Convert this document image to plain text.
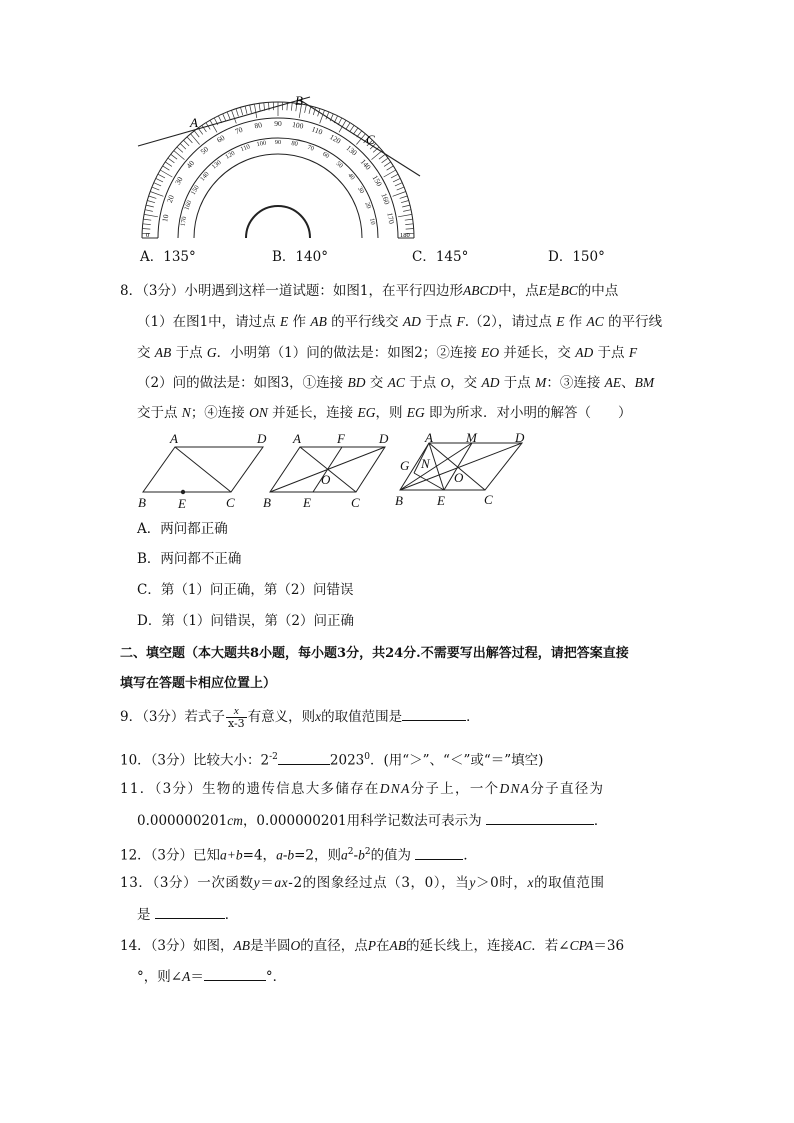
10
20
30
40
50
60
70 80 90 100 110
120
130
140
150
160
170
170
160
150
140
130
120
110 100 90 80 70
60
50
40
30
20
10
A
B
C
0	180
A．135°	B．140°	C．145°	D．150°
8．（3分）小明遇到这样一道试题：如图1，在平行四边形ABCD中，点E是BC的中点
（1）在图1中，请过点 E 作 AB 的平行线交 AD 于点 F.（2），请过点 E 作 AC 的平行线
交 AB 于点 G．小明第（1）问的做法是：如图2；②连接 EO 并延长，交 AD 于点 F
（2）问的做法是：如图3，①连接 BD 交 AC 于点 O，交 AD 于点 M：③连接 AE、BM
交于点 N；④连接 ON 并延长，连接 EG，则 EG 即为所求．对小明的解答（　　）
A	D
B E	C
A	F	D
O
B E	C
A	M	D
G N
O
B	E	C
A．两问都正确
B．两问都不正确
C．第（1）问正确，第（2）问错误
D．第（1）问错误，第（2）问正确
二、填空题（本大题共8小题，每小题3分，共24分.不需要写出解答过程，请把答案直接
填写在答题卡相应位置上）
9．（3分）若式子 $\frac{x}{x-3}$ 有意义，则x的取值范围是	．
10．（3分）比较大小：$2^{-2}$	2023$^0$．(用“＞”、“＜”或“＝”填空)
11．（3分）生物的遗传信息大多储存在DNA分子上，一个DNA分子直径为
0.000000201cm，0.000000201用科学记数法可表示为	．
12．（3分）已知a+b=4，a-b=2，则$a^2-b^2$的值为	．
13．（3分）一次函数y＝ax-2的图象经过点（3，0），当y＞0时，x的取值范围
是	．
14．（3分）如图，AB是半圆O的直径，点P在AB的延长线上，连接AC．若∠CPA＝36
°，则∠A＝	°．
